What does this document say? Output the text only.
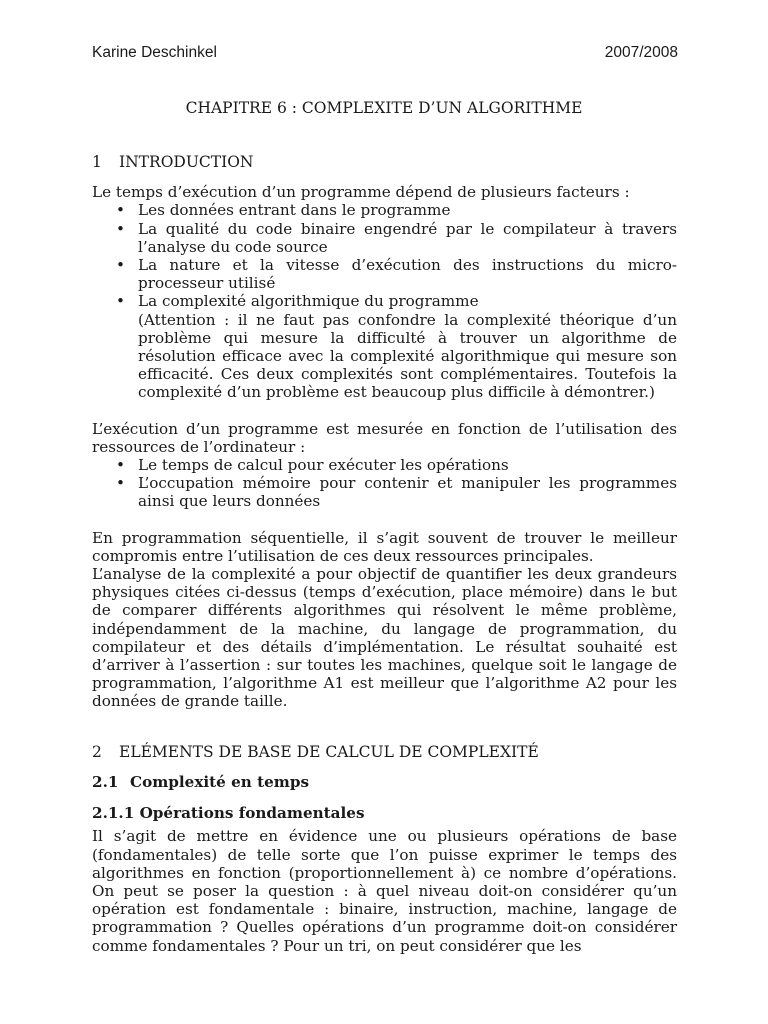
Karine Deschinkel	2007/2008
CHAPITRE 6 : COMPLEXITE D’UN ALGORITHME
1 INTRODUCTION

Le temps d’exécution d’un programme dépend de plusieurs facteurs :

• Les données entrant dans le programme
• La qualité du code binaire engendré par le compilateur à travers l’analyse du code source
• La nature et la vitesse d’exécution des instructions du micro-processeur utilisé
• La complexité algorithmique du programme
(Attention : il ne faut pas confondre la complexité théorique d’un problème qui mesure la difficulté à trouver un algorithme de résolution efficace avec la complexité algorithmique qui mesure son efficacité. Ces deux complexités sont complémentaires. Toutefois la complexité d’un problème est beaucoup plus difficile à démontrer.)

L’exécution d’un programme est mesurée en fonction de l’utilisation des ressources de l’ordinateur :

• Le temps de calcul pour exécuter les opérations
• L’occupation mémoire pour contenir et manipuler les programmes ainsi que leurs données

En programmation séquentielle, il s’agit souvent de trouver le meilleur compromis entre l’utilisation de ces deux ressources principales.

L’analyse de la complexité a pour objectif de quantifier les deux grandeurs physiques citées ci-dessus (temps d’exécution, place mémoire) dans le but de comparer différents algorithmes qui résolvent le même problème, indépendamment de la machine, du langage de programmation, du compilateur et des détails d’implémentation. Le résultat souhaité est d’arriver à l’assertion : sur toutes les machines, quelque soit le langage de programmation, l’algorithme A1 est meilleur que l’algorithme A2 pour les données de grande taille.

2 ELÉMENTS DE BASE DE CALCUL DE COMPLEXITÉ
2.1 Complexité en temps
2.1.1 Opérations fondamentales

Il s’agit de mettre en évidence une ou plusieurs opérations de base (fondamentales) de telle sorte que l’on puisse exprimer le temps des algorithmes en fonction (proportionnellement à) ce nombre d’opérations. On peut se poser la question : à quel niveau doit-on considérer qu’un opération est fondamentale : binaire, instruction, machine, langage de programmation ? Quelles opérations d’un programme doit-on considérer comme fondamentales ? Pour un tri, on peut considérer que les
